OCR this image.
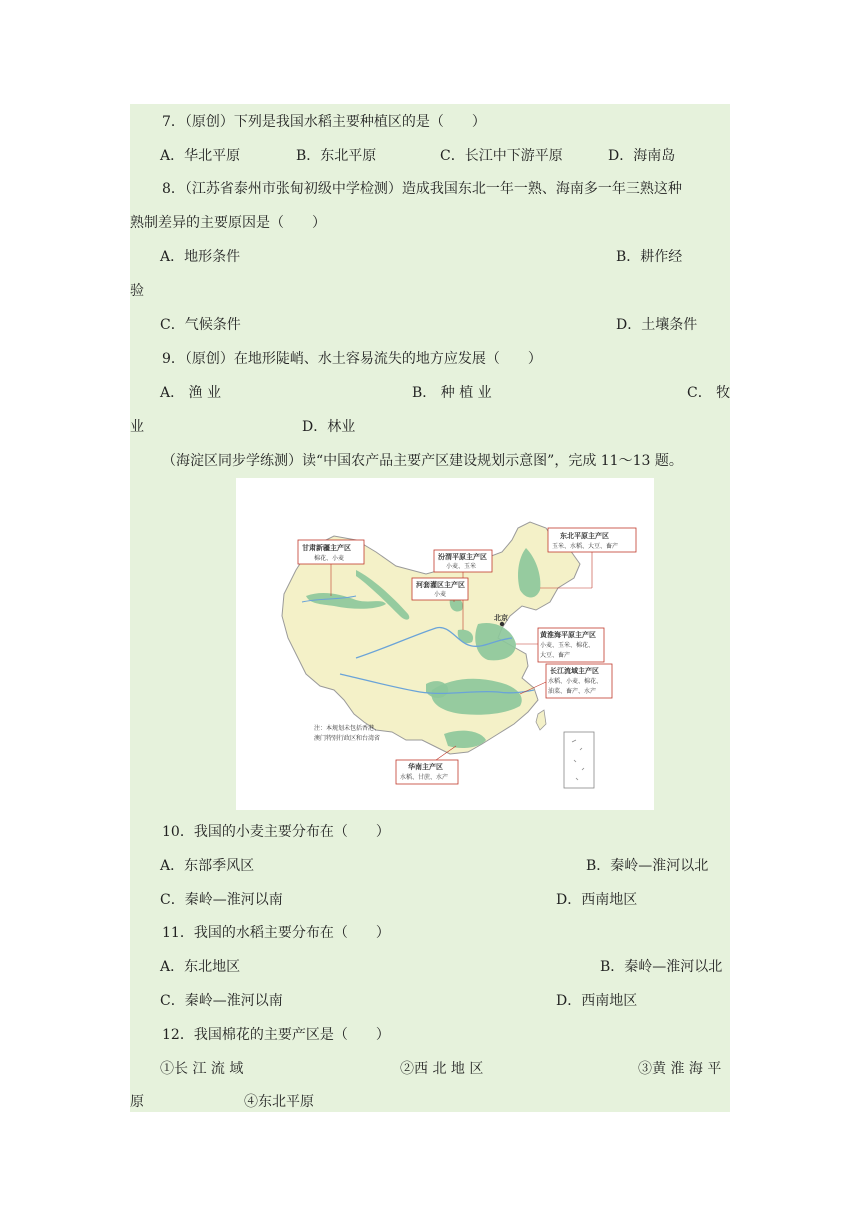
7．（原创）下列是我国水稻主要种植区的是（　　）
A．华北平原	B．东北平原	C．长江中下游平原	D．海南岛
8．（江苏省泰州市张甸初级中学检测）造成我国东北一年一熟、海南多一年三熟这种
熟制差异的主要原因是（　　）
A．地形条件	B．耕作经
验
C．气候条件	D．土壤条件
9．（原创）在地形陡峭、水土容易流失的地方应发展（　　）
A． 渔 业	B． 种 植 业	C． 牧
业	D．林业
（海淀区同步学练测）读“中国农产品主要产区建设规划示意图”，完成 11～13 题。
北京
甘肃新疆主产区
棉花、小麦	汾渭平原主产区
小麦、玉米
河套灌区主产区
小麦
东北平原主产区
玉米、水稻、大豆、畜产
黄淮海平原主产区
小麦、玉米、棉花、
大豆、畜产
长江流域主产区
水稻、小麦、棉花、
油菜、畜产、水产
华南主产区
水稻、甘蔗、水产
注：本规划未包括香港、
澳门特别行政区和台湾省
10．我国的小麦主要分布在（　　）
A．东部季风区	B．秦岭—淮河以北
C．秦岭—淮河以南	D．西南地区
11．我国的水稻主要分布在（　　）
A．东北地区	B．秦岭—淮河以北
C．秦岭—淮河以南	D．西南地区
12．我国棉花的主要产区是（　　）
①长 江 流 域	②西 北 地 区	③黄 淮 海 平
原	④东北平原
